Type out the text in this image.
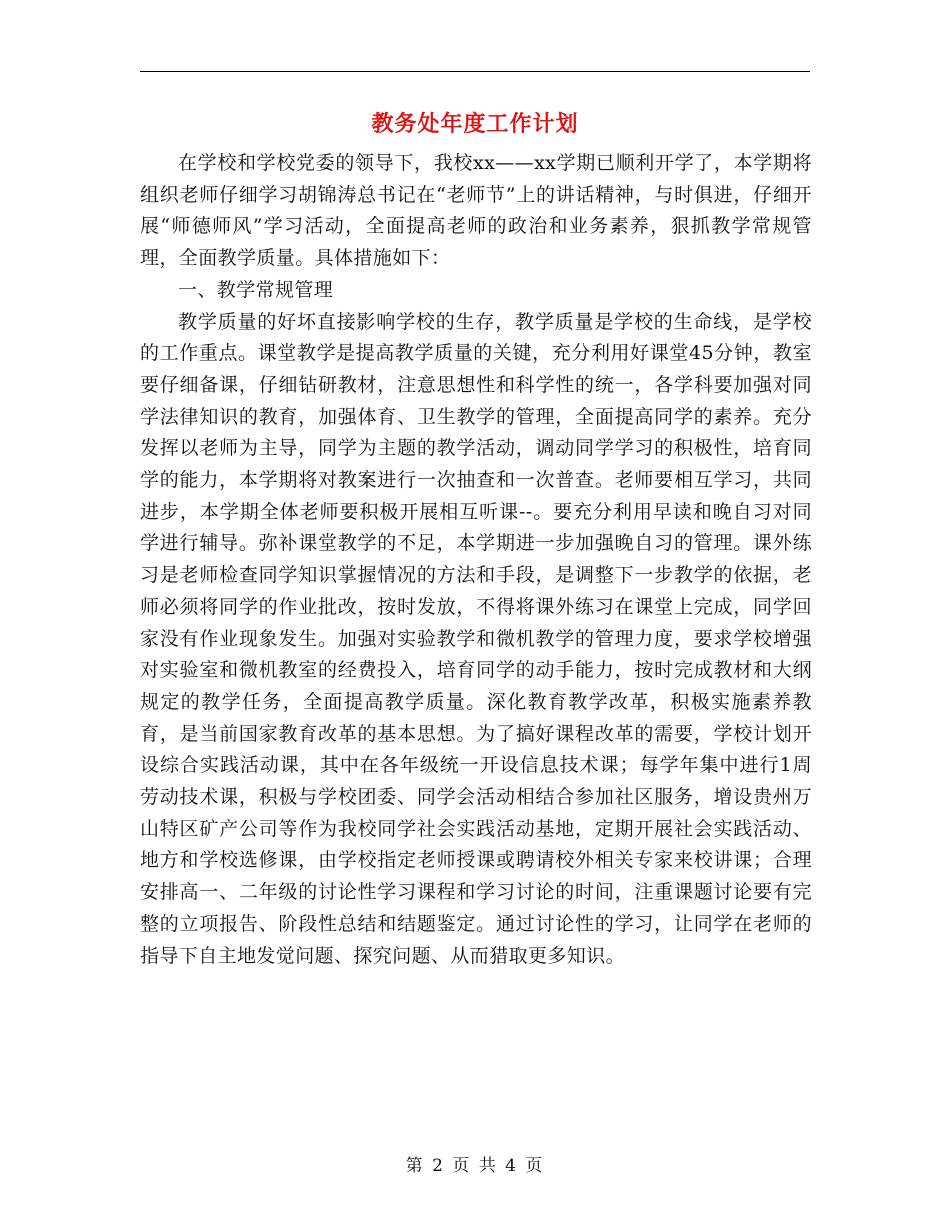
教务处年度工作计划

在学校和学校党委的领导下，我校xx——xx学期已顺利开学了，本学期将组织老师仔细学习胡锦涛总书记在“老师节”上的讲话精神，与时俱进，仔细开展“师德师风”学习活动，全面提高老师的政治和业务素养，狠抓教学常规管理，全面教学质量。具体措施如下：

一、教学常规管理

教学质量的好坏直接影响学校的生存，教学质量是学校的生命线，是学校的工作重点。课堂教学是提高教学质量的关键，充分利用好课堂45分钟，教室要仔细备课，仔细钻研教材，注意思想性和科学性的统一，各学科要加强对同学法律知识的教育，加强体育、卫生教学的管理，全面提高同学的素养。充分发挥以老师为主导，同学为主题的教学活动，调动同学学习的积极性，培育同学的能力，本学期将对教案进行一次抽查和一次普查。老师要相互学习，共同进步，本学期全体老师要积极开展相互听课--。要充分利用早读和晚自习对同学进行辅导。弥补课堂教学的不足，本学期进一步加强晚自习的管理。课外练习是老师检查同学知识掌握情况的方法和手段，是调整下一步教学的依据，老师必须将同学的作业批改，按时发放，不得将课外练习在课堂上完成，同学回家没有作业现象发生。加强对实验教学和微机教学的管理力度，要求学校增强对实验室和微机教室的经费投入，培育同学的动手能力，按时完成教材和大纲规定的教学任务，全面提高教学质量。深化教育教学改革，积极实施素养教育，是当前国家教育改革的基本思想。为了搞好课程改革的需要，学校计划开设综合实践活动课，其中在各年级统一开设信息技术课；每学年集中进行1周劳动技术课，积极与学校团委、同学会活动相结合参加社区服务，增设贵州万山特区矿产公司等作为我校同学社会实践活动基地，定期开展社会实践活动、地方和学校选修课，由学校指定老师授课或聘请校外相关专家来校讲课；合理安排高一、二年级的讨论性学习课程和学习讨论的时间，注重课题讨论要有完整的立项报告、阶段性总结和结题鉴定。通过讨论性的学习，让同学在老师的指导下自主地发觉问题、探究问题、从而猎取更多知识。

第 2 页 共 4 页
